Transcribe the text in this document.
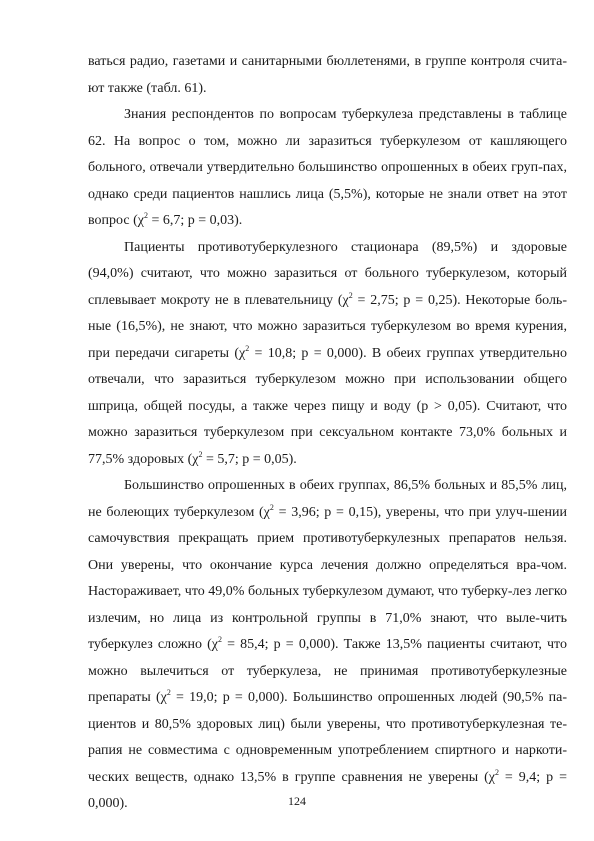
ваться радио, газетами и санитарными бюллетенями, в группе контроля счита-ют также (табл. 61).

Знания респондентов по вопросам туберкулеза представлены в таблице 62. На вопрос о том, можно ли заразиться туберкулезом от кашляющего больного, отвечали утвердительно большинство опрошенных в обеих груп-пах, однако среди пациентов нашлись лица (5,5%), которые не знали ответ на этот вопрос ($\chi^2 = 6,7$; р = 0,03).

Пациенты противотуберкулезного стационара (89,5%) и здоровые (94,0%) считают, что можно заразиться от больного туберкулезом, который сплевывает мокроту не в плевательницу ($\chi^2 = 2,75$; р = 0,25). Некоторые боль-ные (16,5%), не знают, что можно заразиться туберкулезом во время курения, при передачи сигареты ($\chi^2 = 10,8$; р = 0,000). В обеих группах утвердительно отвечали, что заразиться туберкулезом можно при использовании общего шприца, общей посуды, а также через пищу и воду (р > 0,05). Считают, что можно заразиться туберкулезом при сексуальном контакте 73,0% больных и 77,5% здоровых ($\chi^2 = 5,7$; р = 0,05).

Большинство опрошенных в обеих группах, 86,5% больных и 85,5% лиц, не болеющих туберкулезом ($\chi^2 = 3,96$; р = 0,15), уверены, что при улуч-шении самочувствия прекращать прием противотуберкулезных препаратов нельзя. Они уверены, что окончание курса лечения должно определяться вра-чом. Настораживает, что 49,0% больных туберкулезом думают, что туберку-лез легко излечим, но лица из контрольной группы в 71,0% знают, что выле-чить туберкулез сложно ($\chi^2 = 85,4$; р = 0,000). Также 13,5% пациенты считают, что можно вылечиться от туберкулеза, не принимая противотуберкулезные препараты ($\chi^2 = 19,0$; р = 0,000). Большинство опрошенных людей (90,5% па-циентов и 80,5% здоровых лиц) были уверены, что противотуберкулезная те-рапия не совместима с одновременным употреблением спиртного и наркоти-ческих веществ, однако 13,5% в группе сравнения не уверены ($\chi^2 = 9,4$; р = 0,000).	124
